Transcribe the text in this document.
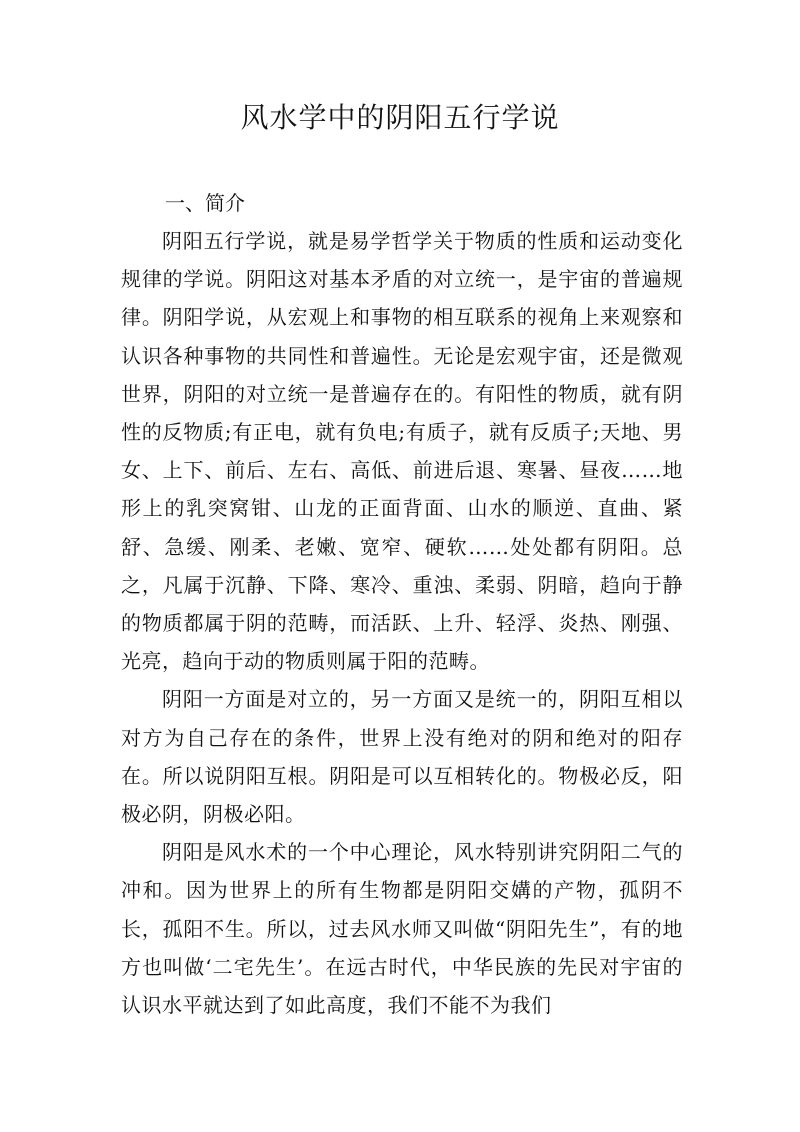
风水学中的阴阳五行学说

一、简介

阴阳五行学说，就是易学哲学关于物质的性质和运动变化规律的学说。阴阳这对基本矛盾的对立统一，是宇宙的普遍规律。阴阳学说，从宏观上和事物的相互联系的视角上来观察和认识各种事物的共同性和普遍性。无论是宏观宇宙，还是微观世界，阴阳的对立统一是普遍存在的。有阳性的物质，就有阴性的反物质;有正电，就有负电;有质子，就有反质子;天地、男女、上下、前后、左右、高低、前进后退、寒暑、昼夜……地形上的乳突窝钳、山龙的正面背面、山水的顺逆、直曲、紧舒、急缓、刚柔、老嫩、宽窄、硬软……处处都有阴阳。总之，凡属于沉静、下降、寒冷、重浊、柔弱、阴暗，趋向于静的物质都属于阴的范畴，而活跃、上升、轻浮、炎热、刚强、光亮，趋向于动的物质则属于阳的范畴。

阴阳一方面是对立的，另一方面又是统一的，阴阳互相以对方为自己存在的条件，世界上没有绝对的阴和绝对的阳存在。所以说阴阳互根。阴阳是可以互相转化的。物极必反，阳极必阴，阴极必阳。

阴阳是风水术的一个中心理论，风水特别讲究阴阳二气的冲和。因为世界上的所有生物都是阴阳交媾的产物，孤阴不长，孤阳不生。所以，过去风水师又叫做“阴阳先生”，有的地方也叫做‘二宅先生’。在远古时代，中华民族的先民对宇宙的认识水平就达到了如此高度，我们不能不为我们
